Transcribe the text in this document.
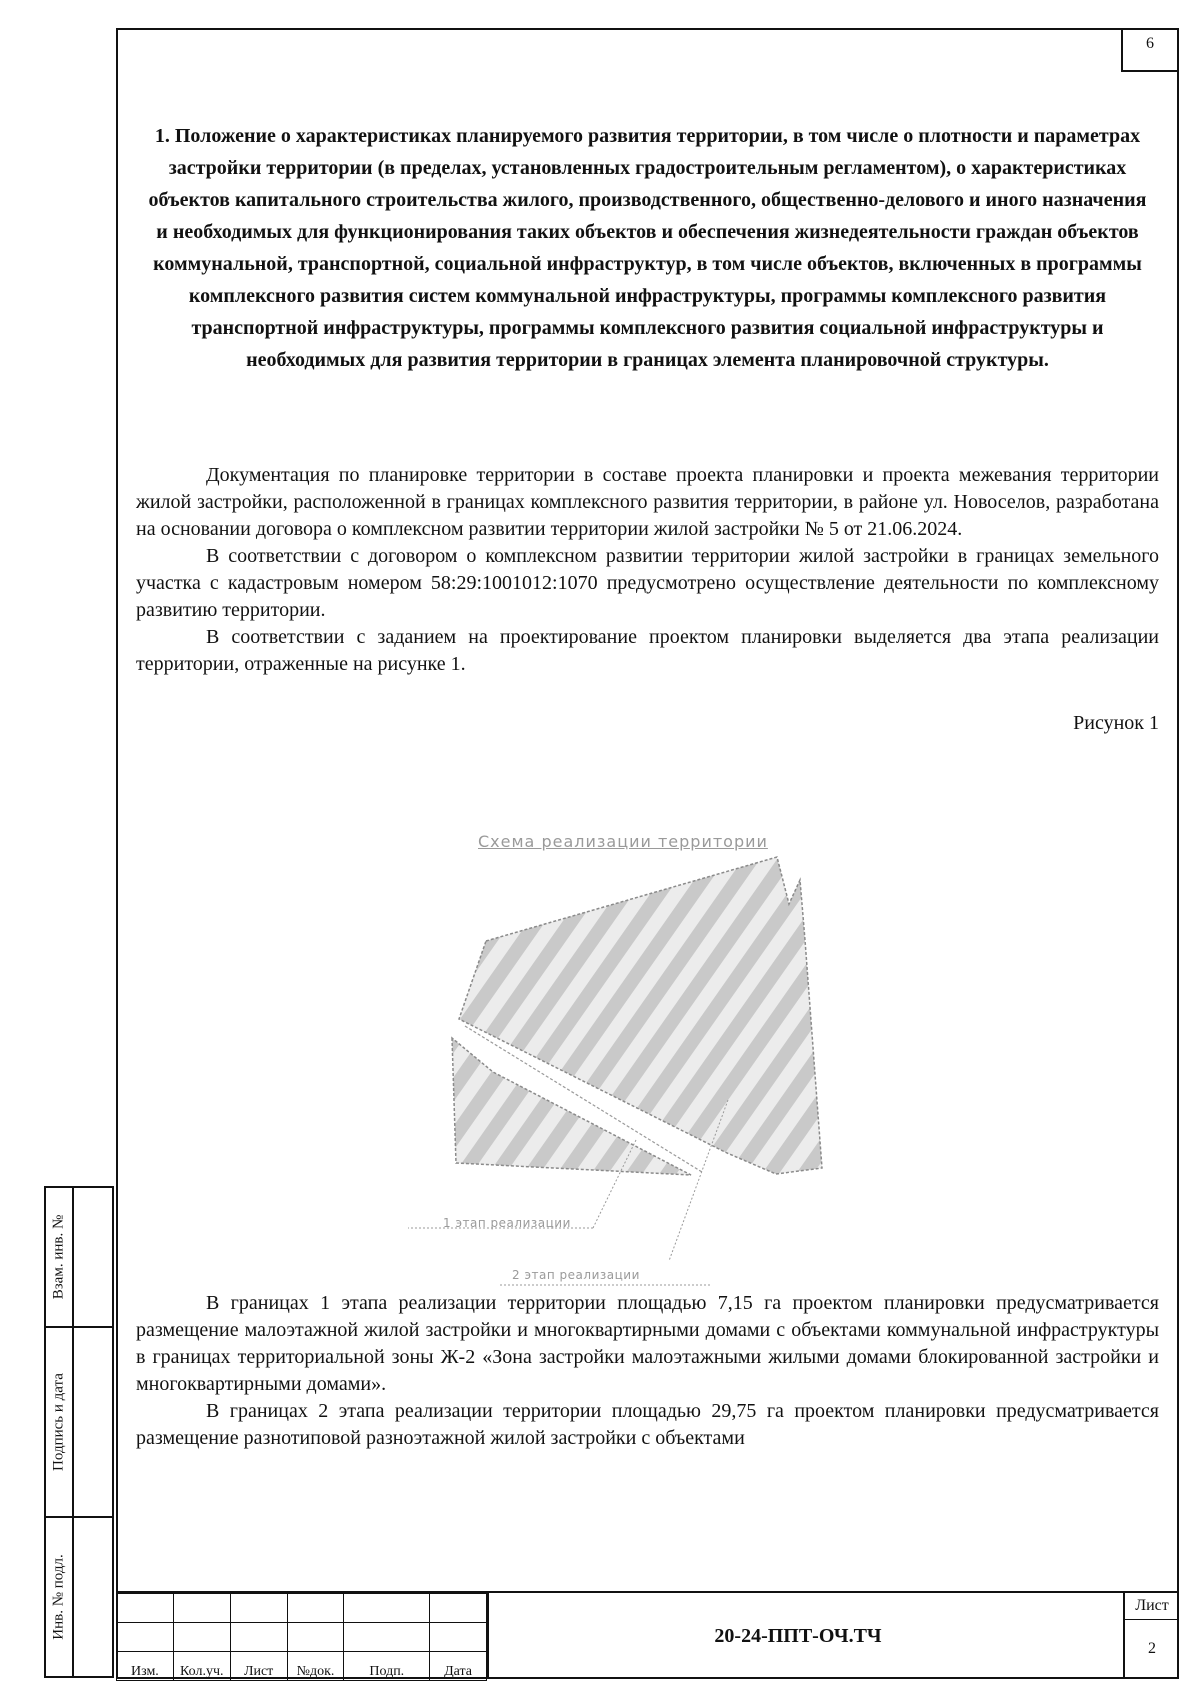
6
1. Положение о характеристиках планируемого развития территории, в том числе о плотности и параметрах застройки территории (в пределах, установленных градостроительным регламентом), о характеристиках объектов капитального строительства жилого, производственного, общественно-делового и иного назначения и необходимых для функционирования таких объектов и обеспечения жизнедеятельности граждан объектов коммунальной, транспортной, социальной инфраструктур, в том числе объектов, включенных в программы комплексного развития систем коммунальной инфраструктуры, программы комплексного развития транспортной инфраструктуры, программы комплексного развития социальной инфраструктуры и необходимых для развития территории в границах элемента планировочной структуры.

Документация по планировке территории в составе проекта планировки и проекта межевания территории жилой застройки, расположенной в границах комплексного развития территории, в районе ул. Новоселов, разработана на основании договора о комплексном развитии территории жилой застройки № 5 от 21.06.2024.

В соответствии с договором о комплексном развитии территории жилой застройки в границах земельного участка с кадастровым номером 58:29:1001012:1070 предусмотрено осуществление деятельности по комплексному развитию территории.

В соответствии с заданием на проектирование проектом планировки выделяется два этапа реализации территории, отраженные на рисунке 1.

Рисунок 1

В границах 1 этапа реализации территории площадью 7,15 га проектом планировки предусматривается размещение малоэтажной жилой застройки и многоквартирными домами с объектами коммунальной инфраструктуры в границах территориальной зоны Ж-2 «Зона застройки малоэтажными жилыми домами блокированной застройки и многоквартирными домами».

В границах 2 этапа реализации территории площадью 29,75 га проектом планировки предусматривается размещение разнотиповой разноэтажной жилой застройки с объектами

Схема реализации территории
1 этап реализации
2 этап реализации

Изм.	Кол.уч.	Лист	№док.	Подп.	Дата
20-24-ППТ-ОЧ.ТЧ
Лист
2
Взам. инв. №
Подпись и дата
Инв. № подл.
